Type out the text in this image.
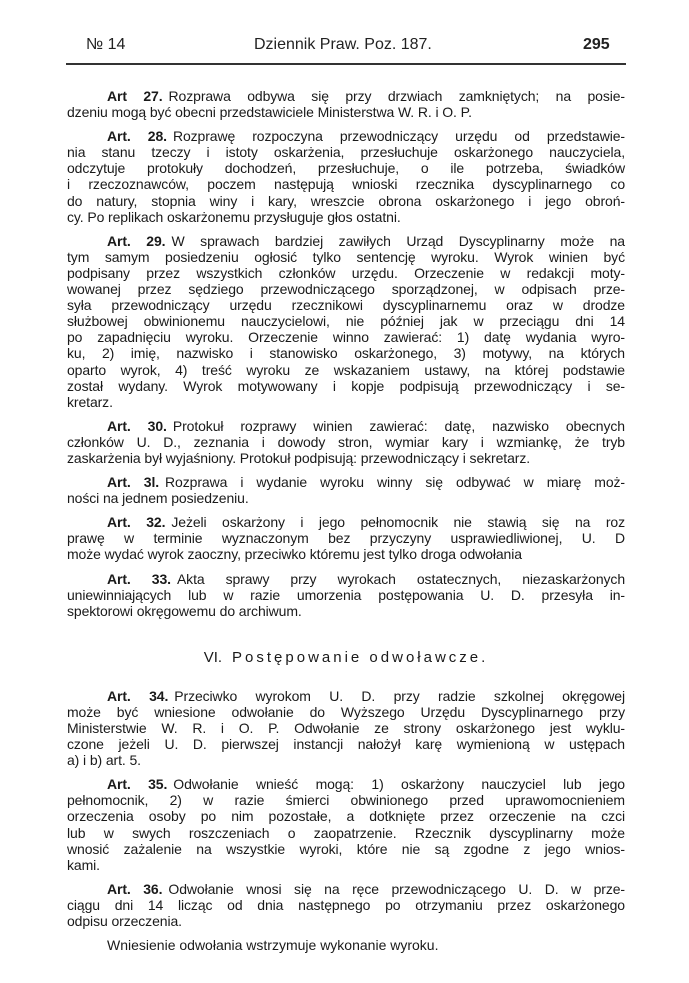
№ 14	Dziennik Praw. Poz. 187.	295
Art 27. Rozprawa odbywa się przy drzwiach zamkniętych; na posie-
dzeniu mogą być obecni przedstawiciele Ministerstwa W. R. i O. P.
Art. 28. Rozprawę rozpoczyna przewodniczący urzędu od przedstawie-
nia stanu tzeczy i istoty oskarżenia, przesłuchuje oskarżonego nauczyciela,
odczytuje protokuły dochodzeń, przesłuchuje, o ile potrzeba, świadków
i rzeczoznawców, poczem następują wnioski rzecznika dyscyplinarnego co
do natury, stopnia winy i kary, wreszcie obrona oskarżonego i jego obroń-
cy. Po replikach oskarżonemu przysługuje głos ostatni.
Art. 29. W sprawach bardziej zawiłych Urząd Dyscyplinarny może na
tym samym posiedzeniu ogłosić tylko sentencję wyroku. Wyrok winien być
podpisany przez wszystkich członków urzędu. Orzeczenie w redakcji moty-
wowanej przez sędziego przewodniczącego sporządzonej, w odpisach prze-
syła przewodniczący urzędu rzecznikowi dyscyplinarnemu oraz w drodze
służbowej obwinionemu nauczycielowi, nie później jak w przeciągu dni 14
po zapadnięciu wyroku. Orzeczenie winno zawierać: 1) datę wydania wyro-
ku, 2) imię, nazwisko i stanowisko oskarżonego, 3) motywy, na których
oparto wyrok, 4) treść wyroku ze wskazaniem ustawy, na której podstawie
został wydany. Wyrok motywowany i kopje podpisują przewodniczący i se-
kretarz.
Art. 30. Protokuł rozprawy winien zawierać: datę, nazwisko obecnych
członków U. D., zeznania i dowody stron, wymiar kary i wzmiankę, że tryb
zaskarżenia był wyjaśniony. Protokuł podpisują: przewodniczący i sekretarz.
Art. 3l. Rozprawa i wydanie wyroku winny się odbywać w miarę moż-
ności na jednem posiedzeniu.
Art. 32. Jeżeli oskarżony i jego pełnomocnik nie stawią się na roz
prawę w terminie wyznaczonym bez przyczyny usprawiedliwionej, U. D
może wydać wyrok zaoczny, przeciwko któremu jest tylko droga odwołania
Art. 33. Akta sprawy przy wyrokach ostatecznych, niezaskarżonych
uniewinniających lub w razie umorzenia postępowania U. D. przesyła in-
spektorowi okręgowemu do archiwum.
VI. Postępowanie odwoławcze.
Art. 34. Przeciwko wyrokom U. D. przy radzie szkolnej okręgowej
może być wniesione odwołanie do Wyższego Urzędu Dyscyplinarnego przy
Ministerstwie W. R. i O. P. Odwołanie ze strony oskarżonego jest wyklu-
czone jeżeli U. D. pierwszej instancji nałożył karę wymienioną w ustępach
a) i b) art. 5.
Art. 35. Odwołanie wnieść mogą: 1) oskarżony nauczyciel lub jego
pełnomocnik, 2) w razie śmierci obwinionego przed uprawomocnieniem
orzeczenia osoby po nim pozostałe, a dotknięte przez orzeczenie na czci
lub w swych roszczeniach o zaopatrzenie. Rzecznik dyscyplinarny może
wnosić zażalenie na wszystkie wyroki, które nie są zgodne z jego wnios-
kami.
Art. 36. Odwołanie wnosi się na ręce przewodniczącego U. D. w prze-
ciągu dni 14 licząc od dnia następnego po otrzymaniu przez oskarżonego
odpisu orzeczenia.
Wniesienie odwołania wstrzymuje wykonanie wyroku.
